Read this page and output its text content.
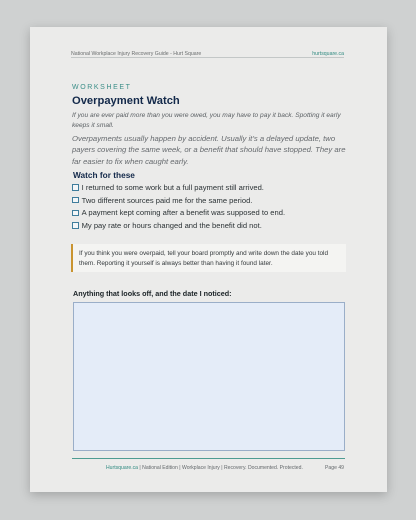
National Workplace Injury Recovery Guide - Hurt Square	hurtsquare.ca
WORKSHEET
Overpayment Watch

If you are ever paid more than you were owed, you may have to pay it back. Spotting it early keeps it small.

Overpayments usually happen by accident. Usually it’s a delayed update, two payers covering the same week, or a benefit that should have stopped. They are far easier to fix when caught early.

Watch for these
I returned to some work but a full payment still arrived.
Two different sources paid me for the same period.
A payment kept coming after a benefit was supposed to end.
My pay rate or hours changed and the benefit did not.
If you think you were overpaid, tell your board promptly and write down the date you told them. Reporting it yourself is always better than having it found later.
Anything that looks off, and the date I noticed:
Hurtsquare.ca | National Edition | Workplace Injury | Recovery. Documented. Protected.	Page 49
